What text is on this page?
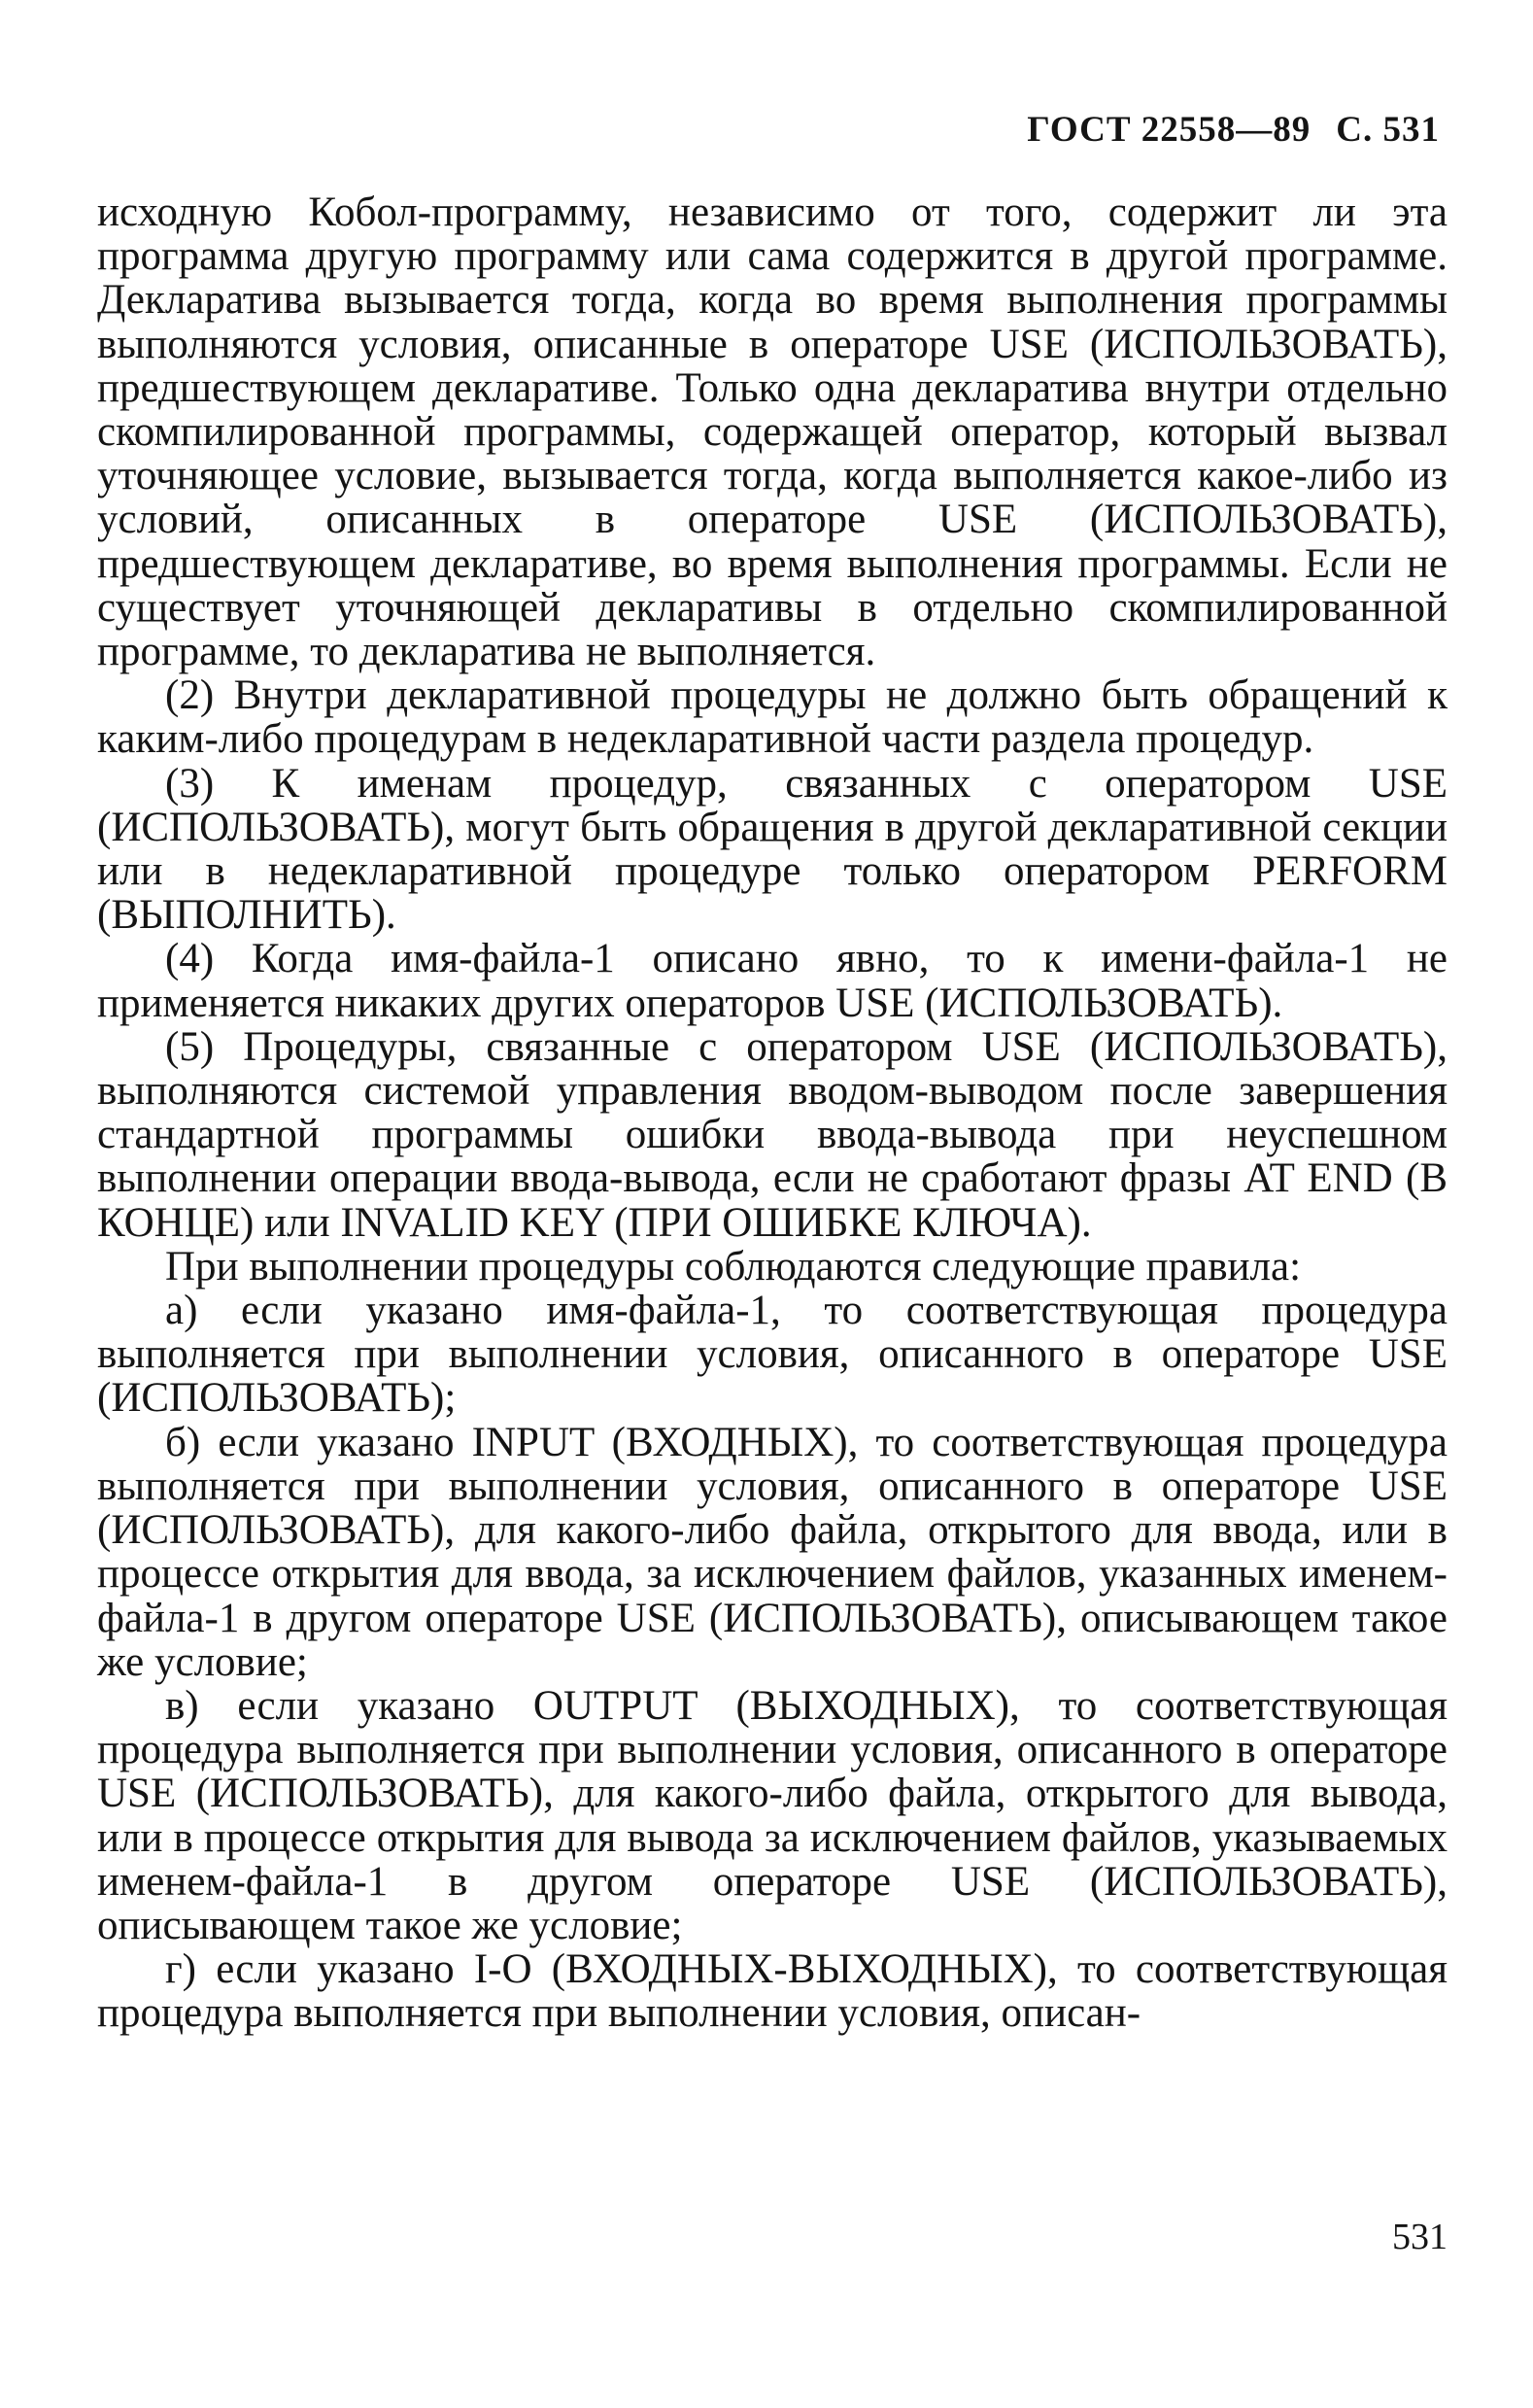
ГОСТ 22558—89 С. 531

исходную Кобол-программу, независимо от того, содержит ли эта программа другую программу или сама содержится в другой программе. Декларатива вызывается тогда, когда во время выполнения программы выполняются условия, описанные в операторе USE (ИСПОЛЬЗОВАТЬ), предшествующем декларативе. Только одна декларатива внутри отдельно скомпилированной программы, содержащей оператор, который вызвал уточняющее условие, вызывается тогда, когда выполняется какое-либо из условий, описанных в операторе USE (ИСПОЛЬЗОВАТЬ), предшествующем декларативе, во время выполнения программы. Если не существует уточняющей декларативы в отдельно скомпилированной программе, то декларатива не выполняется.

(2) Внутри декларативной процедуры не должно быть обращений к каким-либо процедурам в недекларативной части раздела процедур.

(3) К именам процедур, связанных с оператором USE (ИСПОЛЬЗОВАТЬ), могут быть обращения в другой декларативной секции или в недекларативной процедуре только оператором PERFORM (ВЫПОЛНИТЬ).

(4) Когда имя-файла-1 описано явно, то к имени-файла-1 не применяется никаких других операторов USE (ИСПОЛЬЗОВАТЬ).

(5) Процедуры, связанные с оператором USE (ИСПОЛЬЗОВАТЬ), выполняются системой управления вводом-выводом после завершения стандартной программы ошибки ввода-вывода при неуспешном выполнении операции ввода-вывода, если не сработают фразы AT END (В КОНЦЕ) или INVALID KEY (ПРИ ОШИБКЕ КЛЮЧА).

При выполнении процедуры соблюдаются следующие правила:

а) если указано имя-файла-1, то соответствующая процедура выполняется при выполнении условия, описанного в операторе USE (ИСПОЛЬЗОВАТЬ);

б) если указано INPUT (ВХОДНЫХ), то соответствующая процедура выполняется при выполнении условия, описанного в операторе USE (ИСПОЛЬЗОВАТЬ), для какого-либо файла, открытого для ввода, или в процессе открытия для ввода, за исключением файлов, указанных именем-файла-1 в другом операторе USE (ИСПОЛЬЗОВАТЬ), описывающем такое же условие;

в) если указано OUTPUT (ВЫХОДНЫХ), то соответствующая процедура выполняется при выполнении условия, описанного в операторе USE (ИСПОЛЬЗОВАТЬ), для какого-либо файла, открытого для вывода, или в процессе открытия для вывода за исключением файлов, указываемых именем-файла-1 в другом операторе USE (ИСПОЛЬЗОВАТЬ), описывающем такое же условие;

г) если указано I-O (ВХОДНЫХ-ВЫХОДНЫХ), то соответствующая процедура выполняется при выполнении условия, описан-

531
